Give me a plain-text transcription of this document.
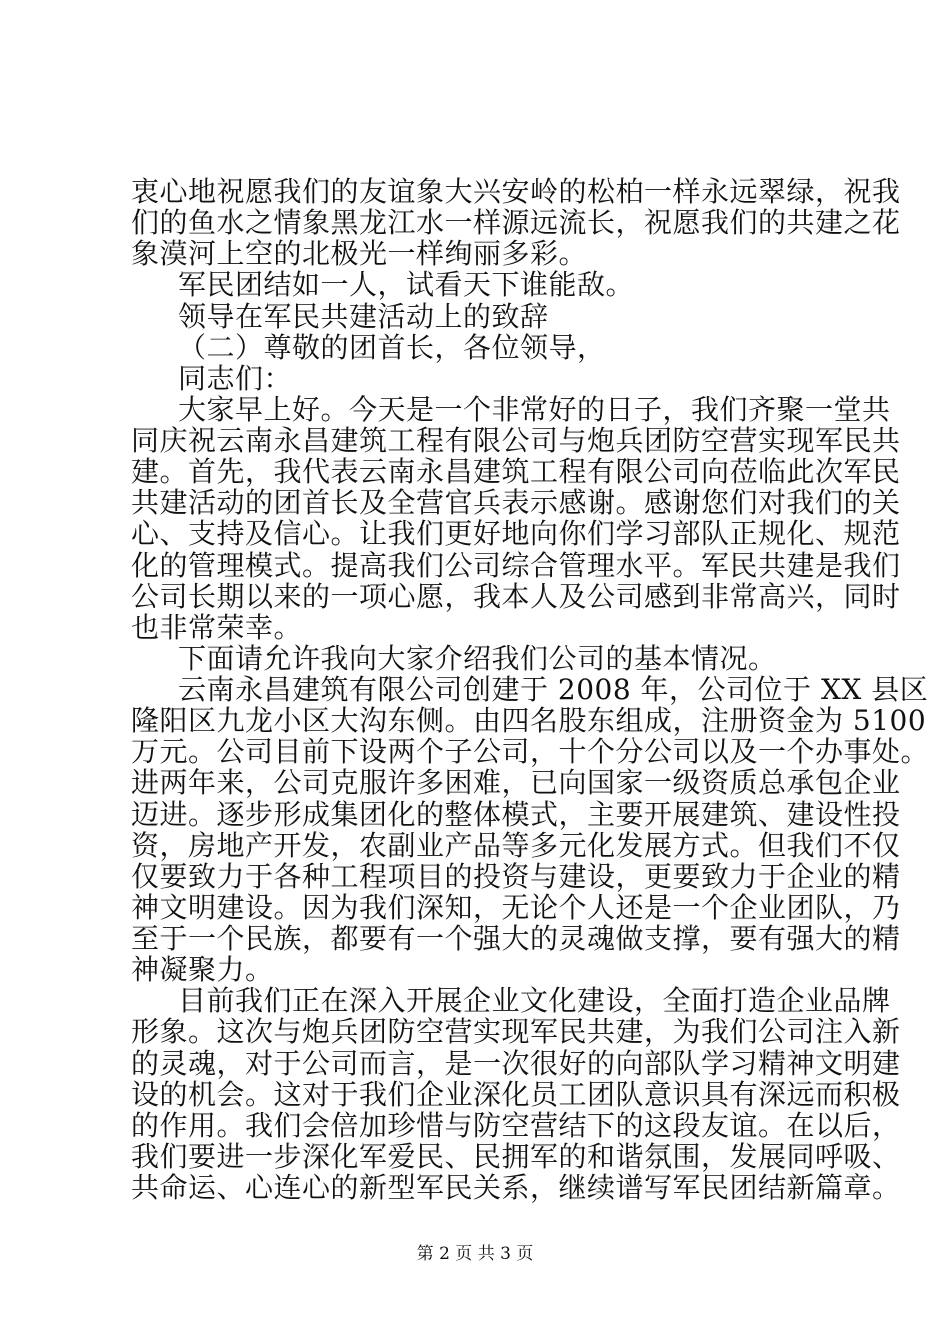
衷心地祝愿我们的友谊象大兴安岭的松柏一样永远翠绿，祝我
们的鱼水之情象黑龙江水一样源远流长，祝愿我们的共建之花
象漠河上空的北极光一样绚丽多彩。
军民团结如一人，试看天下谁能敌。
领导在军民共建活动上的致辞
（二）尊敬的团首长，各位领导，
同志们：
大家早上好。今天是一个非常好的日子，我们齐聚一堂共
同庆祝云南永昌建筑工程有限公司与炮兵团防空营实现军民共
建。首先，我代表云南永昌建筑工程有限公司向莅临此次军民
共建活动的团首长及全营官兵表示感谢。感谢您们对我们的关
心、支持及信心。让我们更好地向你们学习部队正规化、规范
化的管理模式。提高我们公司综合管理水平。军民共建是我们
公司长期以来的一项心愿，我本人及公司感到非常高兴，同时
也非常荣幸。
下面请允许我向大家介绍我们公司的基本情况。
云南永昌建筑有限公司创建于 2008 年，公司位于 XX 县区
隆阳区九龙小区大沟东侧。由四名股东组成，注册资金为 5100
万元。公司目前下设两个子公司，十个分公司以及一个办事处。
进两年来，公司克服许多困难，已向国家一级资质总承包企业
迈进。逐步形成集团化的整体模式，主要开展建筑、建设性投
资，房地产开发，农副业产品等多元化发展方式。但我们不仅
仅要致力于各种工程项目的投资与建设，更要致力于企业的精
神文明建设。因为我们深知，无论个人还是一个企业团队，乃
至于一个民族，都要有一个强大的灵魂做支撑，要有强大的精
神凝聚力。
目前我们正在深入开展企业文化建设，全面打造企业品牌
形象。这次与炮兵团防空营实现军民共建，为我们公司注入新
的灵魂，对于公司而言，是一次很好的向部队学习精神文明建
设的机会。这对于我们企业深化员工团队意识具有深远而积极
的作用。我们会倍加珍惜与防空营结下的这段友谊。在以后，
我们要进一步深化军爱民、民拥军的和谐氛围，发展同呼吸、
共命运、心连心的新型军民关系，继续谱写军民团结新篇章。
第 2 页 共 3 页
